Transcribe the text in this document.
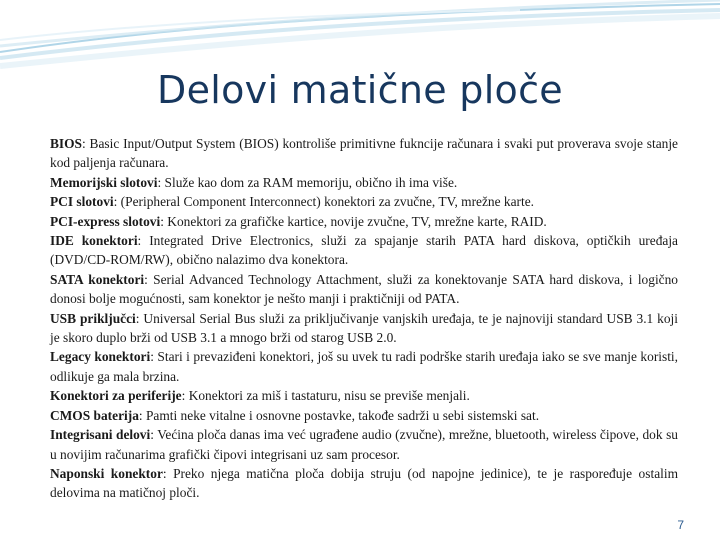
Delovi matične ploče

BIOS: Basic Input/Output System (BIOS) kontroliše primitivne fukncije računara i svaki put proverava svoje stanje kod paljenja računara.

Memorijski slotovi: Služe kao dom za RAM memoriju, obično ih ima više.

PCI slotovi: (Peripheral Component Interconnect) konektori za zvučne, TV, mrežne karte.

PCI-express slotovi: Konektori za grafičke kartice, novije zvučne, TV, mrežne karte, RAID.

IDE konektori: Integrated Drive Electronics, služi za spajanje starih PATA hard diskova, optičkih uređaja (DVD/CD-ROM/RW), obično nalazimo dva konektora.

SATA konektori: Serial Advanced Technology Attachment, služi za konektovanje SATA hard diskova, i logično donosi bolje mogućnosti, sam konektor je nešto manji i praktičniji od PATA.

USB priključci: Universal Serial Bus služi za priključivanje vanjskih uređaja, te je najnoviji standard USB 3.1 koji je skoro duplo brži od USB 3.1 a mnogo brži od starog USB 2.0.

Legacy konektori: Stari i prevaziđeni konektori, još su uvek tu radi podrške starih uređaja iako se sve manje koristi, odlikuje ga mala brzina.

Konektori za periferije: Konektori za miš i tastaturu, nisu se previše menjali.

CMOS baterija: Pamti neke vitalne i osnovne postavke, takođe sadrži u sebi sistemski sat.

Integrisani delovi: Većina ploča danas ima već ugrađene audio (zvučne), mrežne, bluetooth, wireless čipove, dok su u novijim računarima grafički čipovi integrisani uz sam procesor.

Naponski konektor: Preko njega matična ploča dobija struju (od napojne jedinice), te je raspoređuje ostalim delovima na matičnoj ploči.

7
